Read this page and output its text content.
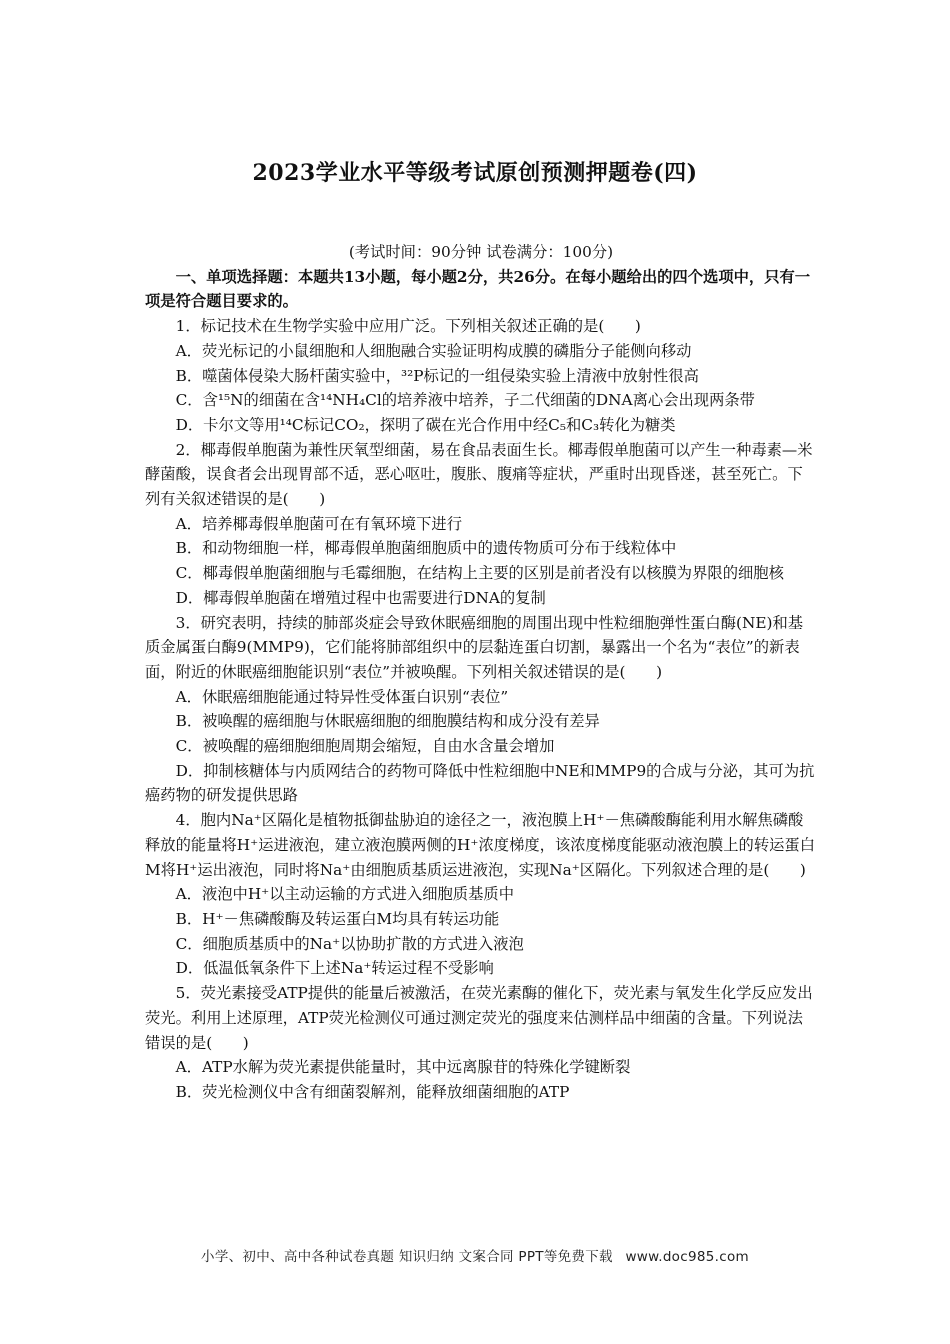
2023学业水平等级考试原创预测押题卷(四)

(考试时间：90分钟 试卷满分：100分)

一、单项选择题：本题共13小题，每小题2分，共26分。在每小题给出的四个选项中，只有一项是符合题目要求的。

1．标记技术在生物学实验中应用广泛。下列相关叙述正确的是(　　)

A．荧光标记的小鼠细胞和人细胞融合实验证明构成膜的磷脂分子能侧向移动

B．噬菌体侵染大肠杆菌实验中，³²P标记的一组侵染实验上清液中放射性很高

C．含¹⁵N的细菌在含¹⁴NH₄Cl的培养液中培养，子二代细菌的DNA离心会出现两条带

D．卡尔文等用¹⁴C标记CO₂，探明了碳在光合作用中经C₅和C₃转化为糖类

2．椰毒假单胞菌为兼性厌氧型细菌，易在食品表面生长。椰毒假单胞菌可以产生一种毒素—米酵菌酸，误食者会出现胃部不适，恶心呕吐，腹胀、腹痛等症状，严重时出现昏迷，甚至死亡。下列有关叙述错误的是(　　)

A．培养椰毒假单胞菌可在有氧环境下进行

B．和动物细胞一样，椰毒假单胞菌细胞质中的遗传物质可分布于线粒体中

C．椰毒假单胞菌细胞与毛霉细胞，在结构上主要的区别是前者没有以核膜为界限的细胞核

D．椰毒假单胞菌在增殖过程中也需要进行DNA的复制

3．研究表明，持续的肺部炎症会导致休眠癌细胞的周围出现中性粒细胞弹性蛋白酶(NE)和基质金属蛋白酶9(MMP9)，它们能将肺部组织中的层黏连蛋白切割，暴露出一个名为“表位”的新表面，附近的休眠癌细胞能识别“表位”并被唤醒。下列相关叙述错误的是(　　)

A．休眠癌细胞能通过特异性受体蛋白识别“表位”

B．被唤醒的癌细胞与休眠癌细胞的细胞膜结构和成分没有差异

C．被唤醒的癌细胞细胞周期会缩短，自由水含量会增加

D．抑制核糖体与内质网结合的药物可降低中性粒细胞中NE和MMP9的合成与分泌，其可为抗癌药物的研发提供思路

4．胞内Na⁺区隔化是植物抵御盐胁迫的途径之一，液泡膜上H⁺－焦磷酸酶能利用水解焦磷酸释放的能量将H⁺运进液泡，建立液泡膜两侧的H⁺浓度梯度，该浓度梯度能驱动液泡膜上的转运蛋白M将H⁺运出液泡，同时将Na⁺由细胞质基质运进液泡，实现Na⁺区隔化。下列叙述合理的是(　　)

A．液泡中H⁺以主动运输的方式进入细胞质基质中

B．H⁺－焦磷酸酶及转运蛋白M均具有转运功能

C．细胞质基质中的Na⁺以协助扩散的方式进入液泡

D．低温低氧条件下上述Na⁺转运过程不受影响

5．荧光素接受ATP提供的能量后被激活，在荧光素酶的催化下，荧光素与氧发生化学反应发出荧光。利用上述原理，ATP荧光检测仪可通过测定荧光的强度来估测样品中细菌的含量。下列说法错误的是(　　)

A．ATP水解为荧光素提供能量时，其中远离腺苷的特殊化学键断裂

B．荧光检测仪中含有细菌裂解剂，能释放细菌细胞的ATP

小学、初中、高中各种试卷真题 知识归纳 文案合同 PPT等免费下载 www.doc985.com
